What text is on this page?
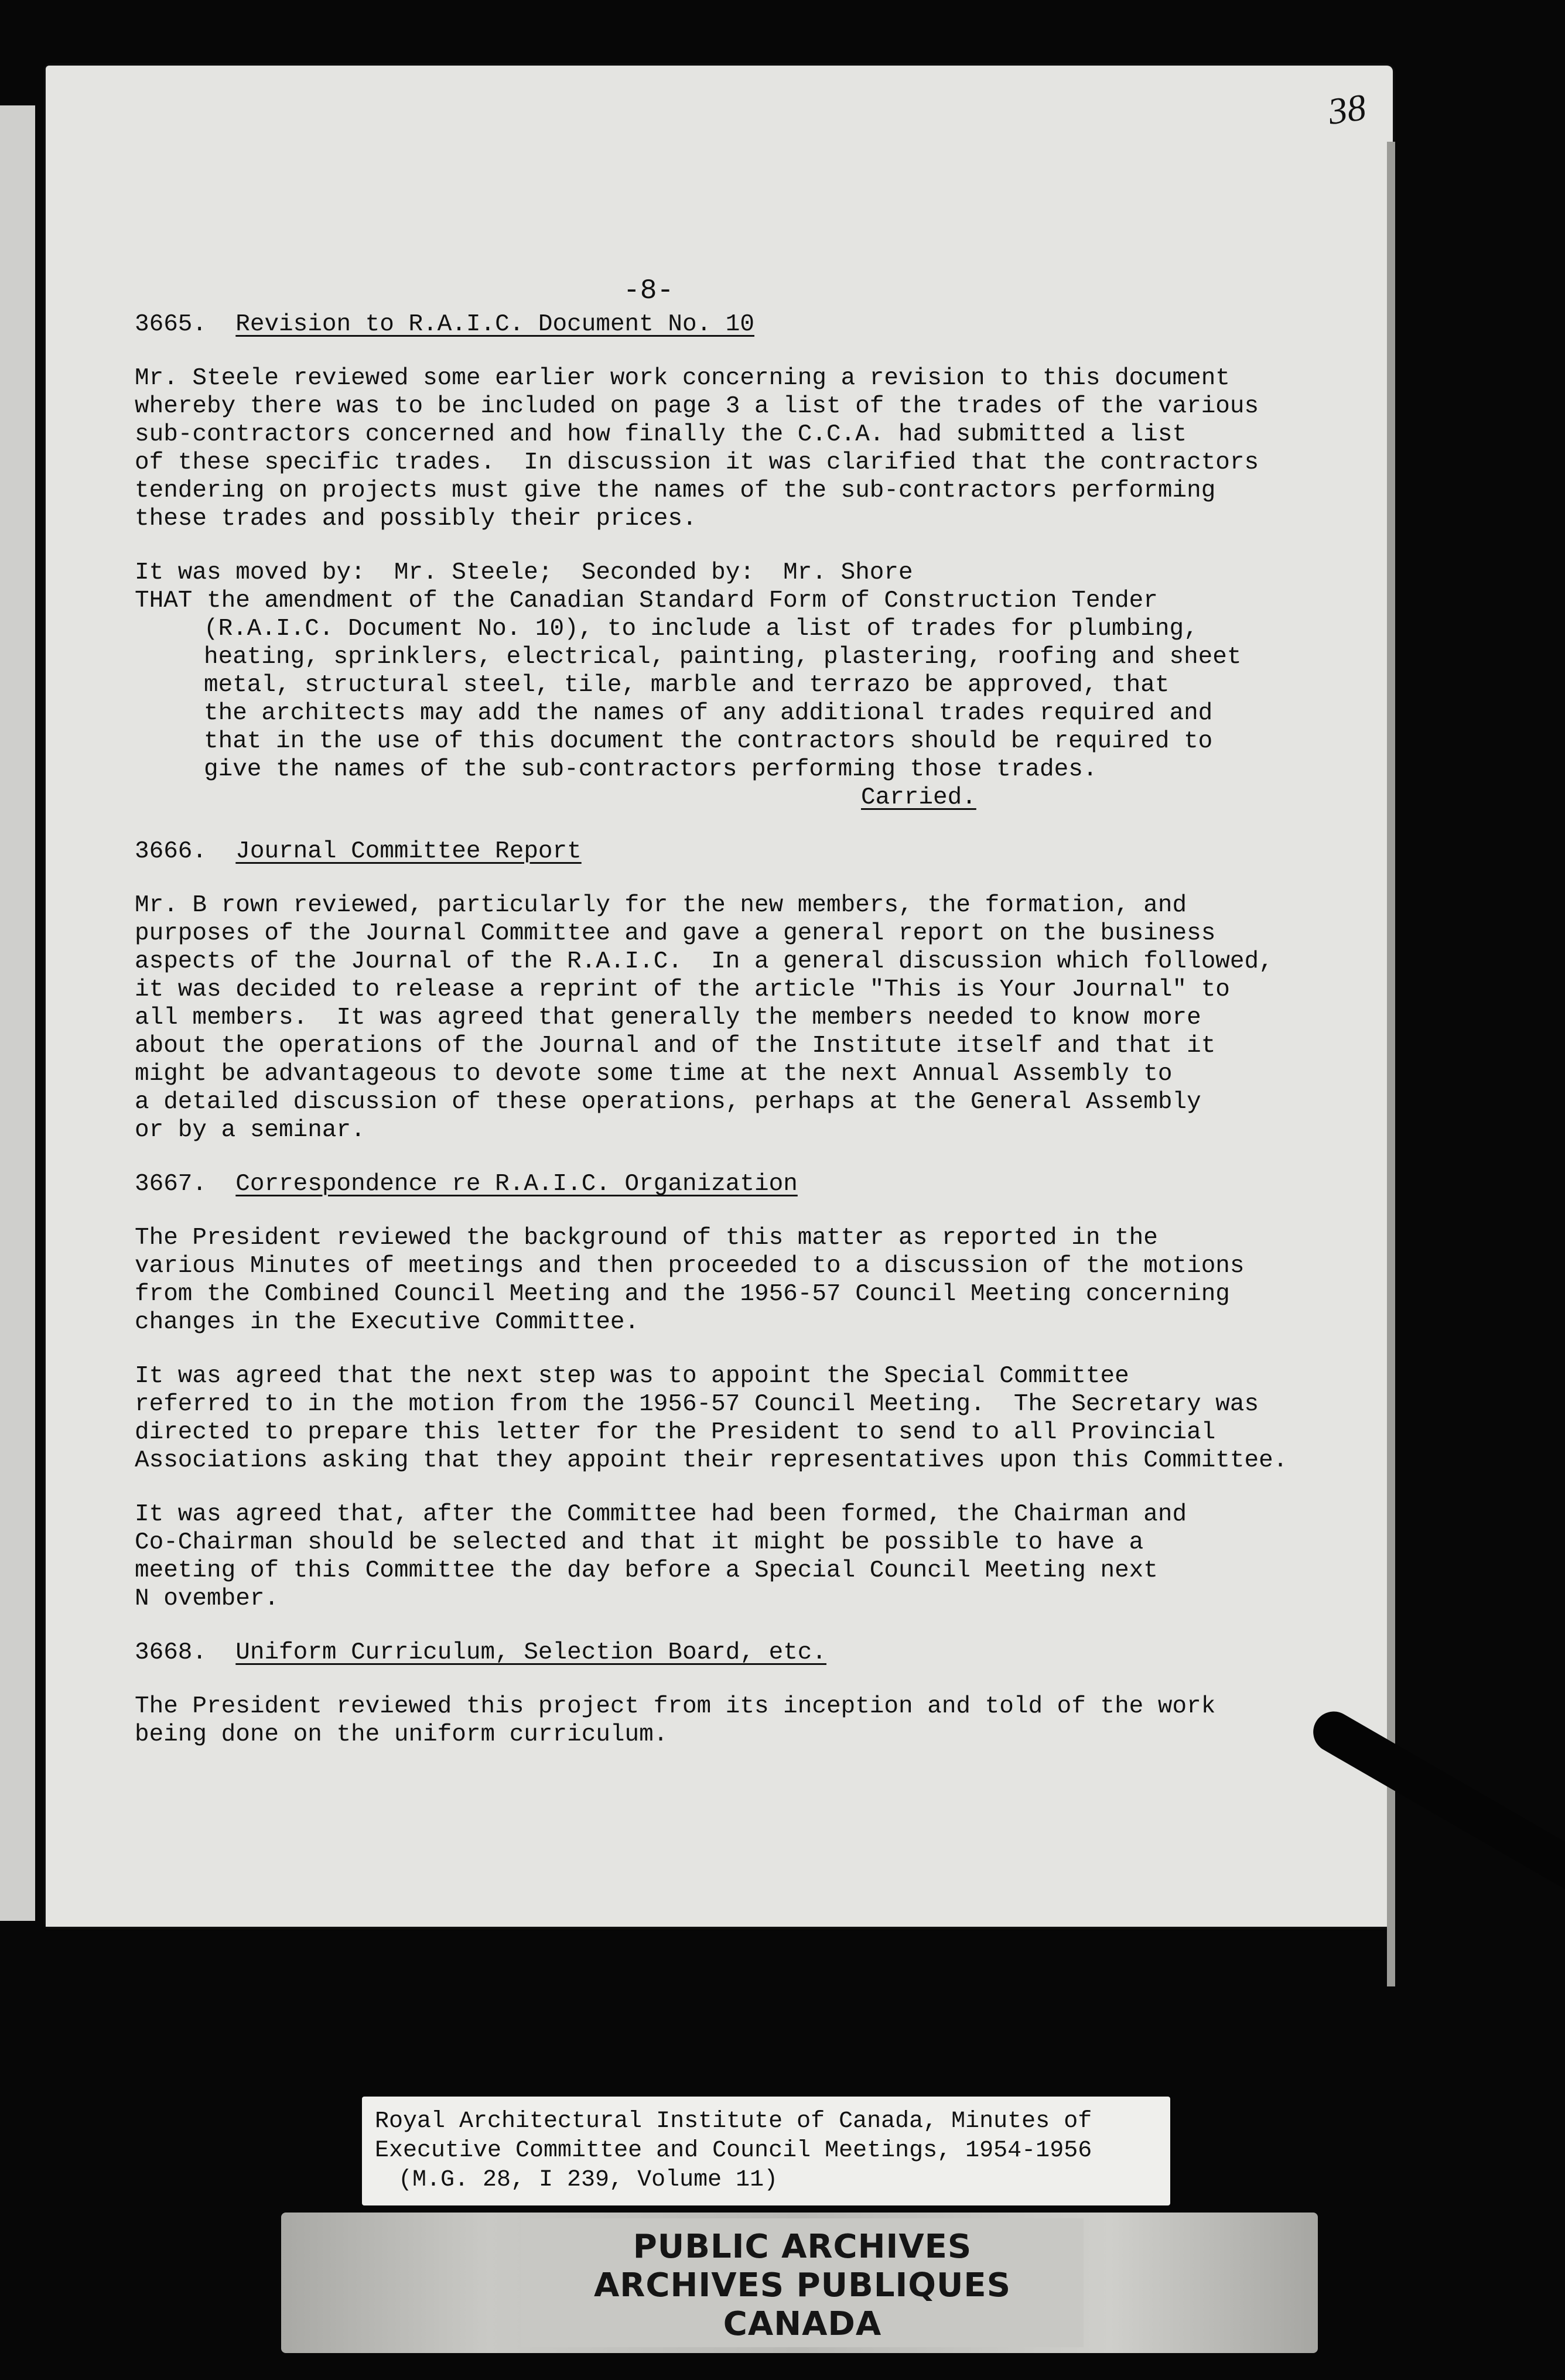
38
-8-
3665. Revision to R.A.I.C. Document No. 10
Mr. Steele reviewed some earlier work concerning a revision to this document
whereby there was to be included on page 3 a list of the trades of the various
sub-contractors concerned and how finally the C.C.A. had submitted a list
of these specific trades.  In discussion it was clarified that the contractors
tendering on projects must give the names of the sub-contractors performing
these trades and possibly their prices.
It was moved by:  Mr. Steele;  Seconded by:  Mr. Shore
THAT the amendment of the Canadian Standard Form of Construction Tender
(R.A.I.C. Document No. 10), to include a list of trades for plumbing,
heating, sprinklers, electrical, painting, plastering, roofing and sheet
metal, structural steel, tile, marble and terrazo be approved, that
the architects may add the names of any additional trades required and
that in the use of this document the contractors should be required to
give the names of the sub-contractors performing those trades.
Carried.
3666. Journal Committee Report
Mr. B rown reviewed, particularly for the new members, the formation, and
purposes of the Journal Committee and gave a general report on the business
aspects of the Journal of the R.A.I.C.  In a general discussion which followed,
it was decided to release a reprint of the article "This is Your Journal" to
all members.  It was agreed that generally the members needed to know more
about the operations of the Journal and of the Institute itself and that it
might be advantageous to devote some time at the next Annual Assembly to
a detailed discussion of these operations, perhaps at the General Assembly
or by a seminar.
3667. Correspondence re R.A.I.C. Organization
The President reviewed the background of this matter as reported in the
various Minutes of meetings and then proceeded to a discussion of the motions
from the Combined Council Meeting and the 1956-57 Council Meeting concerning
changes in the Executive Committee.
It was agreed that the next step was to appoint the Special Committee
referred to in the motion from the 1956-57 Council Meeting.  The Secretary was
directed to prepare this letter for the President to send to all Provincial
Associations asking that they appoint their representatives upon this Committee.
It was agreed that, after the Committee had been formed, the Chairman and
Co-Chairman should be selected and that it might be possible to have a
meeting of this Committee the day before a Special Council Meeting next
N ovember.
3668. Uniform Curriculum, Selection Board, etc.
The President reviewed this project from its inception and told of the work
being done on the uniform curriculum.
Royal Architectural Institute of Canada, Minutes of
Executive Committee and Council Meetings, 1954-1956
(M.G. 28, I 239, Volume 11)
PUBLIC ARCHIVES
ARCHIVES PUBLIQUES
CANADA
